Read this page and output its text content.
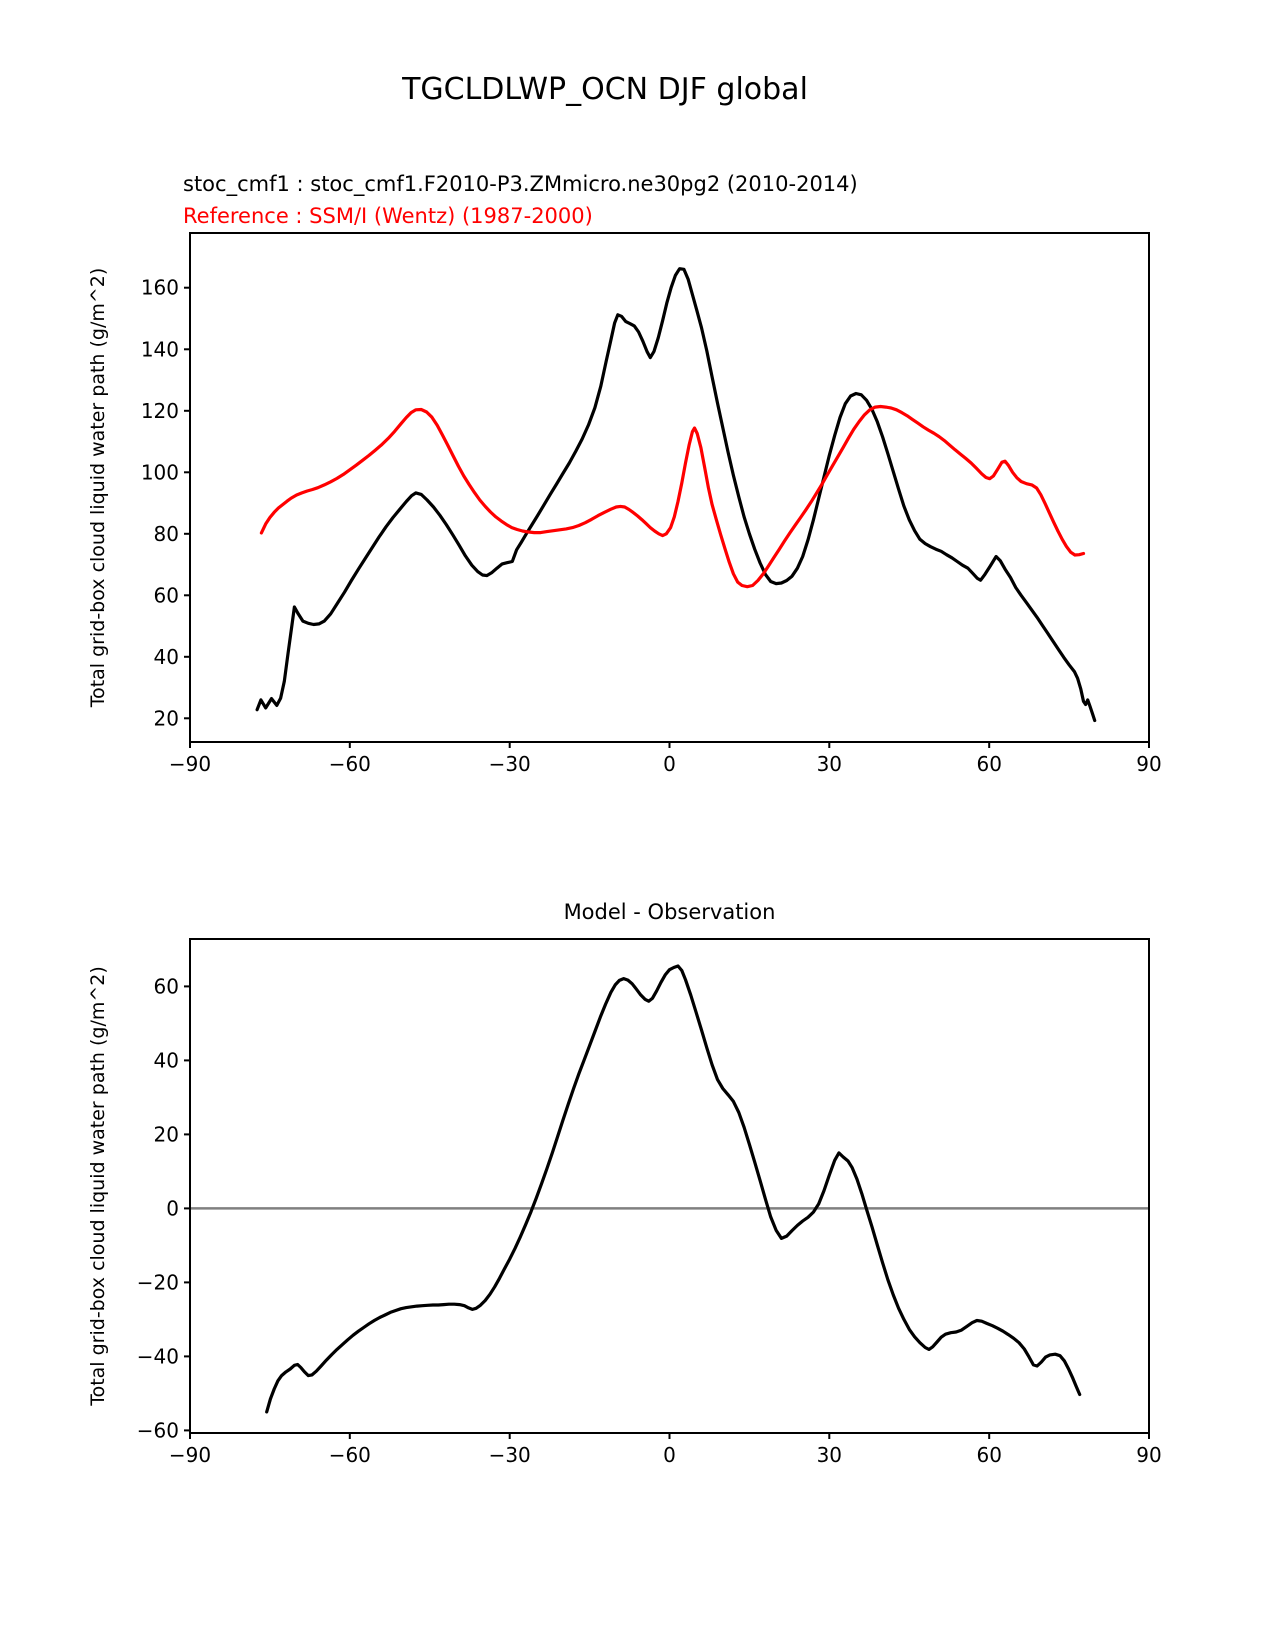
TGCLDLWP_OCN DJF global
stoc_cmf1 : stoc_cmf1.F2010-P3.ZMmicro.ne30pg2 (2010-2014)
Reference : SSM/I (Wentz) (1987-2000)
Model - Observation
−90	−60	−30	0	30	60	90
20
40
60
80
100
120
140
160
Total grid-box cloud liquid water path (g/m^2)
−90	−60	−30	0	30	60	90
−60
−40
−20
0
20
40
60
Total grid-box cloud liquid water path (g/m^2)
